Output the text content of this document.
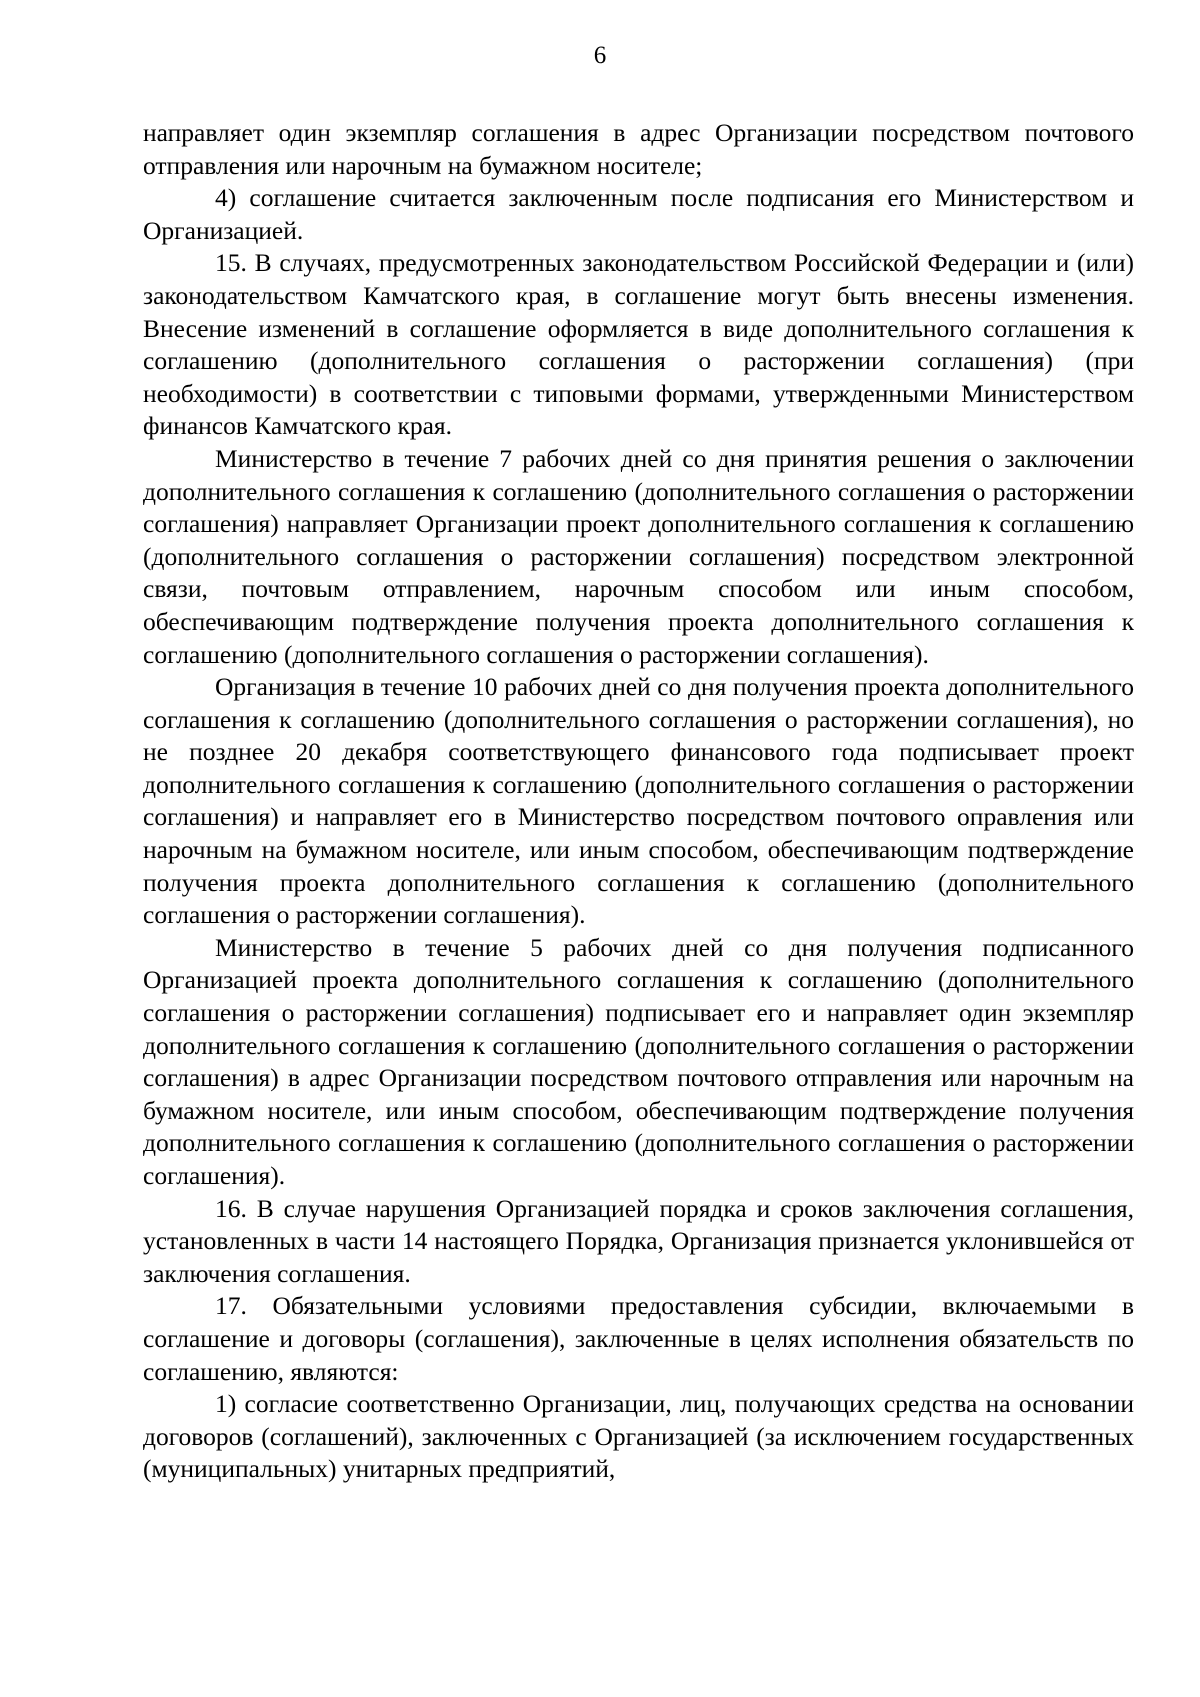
6

направляет один экземпляр соглашения в адрес Организации посредством почтового отправления или нарочным на бумажном носителе;

4) соглашение считается заключенным после подписания его Министерством и Организацией.

15. В случаях, предусмотренных законодательством Российской Федерации и (или) законодательством Камчатского края, в соглашение могут быть внесены изменения. Внесение изменений в соглашение оформляется в виде дополнительного соглашения к соглашению (дополнительного соглашения о расторжении соглашения) (при необходимости) в соответствии с типовыми формами, утвержденными Министерством финансов Камчатского края.

Министерство в течение 7 рабочих дней со дня принятия решения о заключении дополнительного соглашения к соглашению (дополнительного соглашения о расторжении соглашения) направляет Организации проект дополнительного соглашения к соглашению (дополнительного соглашения о расторжении соглашения) посредством электронной связи, почтовым отправлением, нарочным способом или иным способом, обеспечивающим подтверждение получения проекта дополнительного соглашения к соглашению (дополнительного соглашения о расторжении соглашения).

Организация в течение 10 рабочих дней со дня получения проекта дополнительного соглашения к соглашению (дополнительного соглашения о расторжении соглашения), но не позднее 20 декабря соответствующего финансового года подписывает проект дополнительного соглашения к соглашению (дополнительного соглашения о расторжении соглашения) и направляет его в Министерство посредством почтового оправления или нарочным на бумажном носителе, или иным способом, обеспечивающим подтверждение получения проекта дополнительного соглашения к соглашению (дополнительного соглашения о расторжении соглашения).

Министерство в течение 5 рабочих дней со дня получения подписанного Организацией проекта дополнительного соглашения к соглашению (дополнительного соглашения о расторжении соглашения) подписывает его и направляет один экземпляр дополнительного соглашения к соглашению (дополнительного соглашения о расторжении соглашения) в адрес Организации посредством почтового отправления или нарочным на бумажном носителе, или иным способом, обеспечивающим подтверждение получения дополнительного соглашения к соглашению (дополнительного соглашения о расторжении соглашения).

16. В случае нарушения Организацией порядка и сроков заключения соглашения, установленных в части 14 настоящего Порядка, Организация признается уклонившейся от заключения соглашения.

17. Обязательными условиями предоставления субсидии, включаемыми в соглашение и договоры (соглашения), заключенные в целях исполнения обязательств по соглашению, являются:

1) согласие соответственно Организации, лиц, получающих средства на основании договоров (соглашений), заключенных с Организацией (за исключением государственных (муниципальных) унитарных предприятий,
